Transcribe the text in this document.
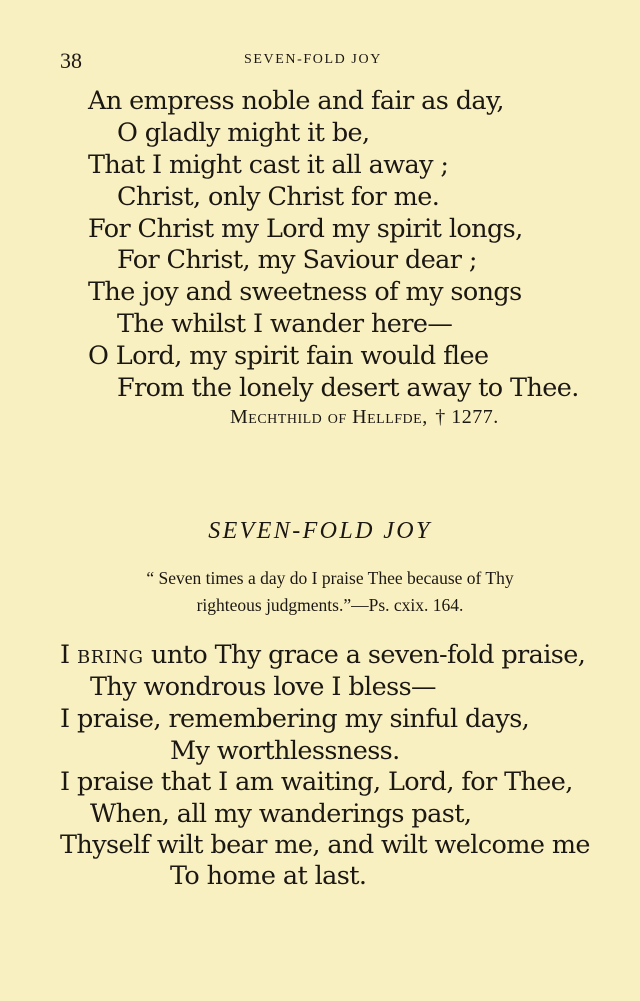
38	SEVEN-FOLD JOY
An empress noble and fair as day,
O gladly might it be,
That I might cast it all away ;
Christ, only Christ for me.
For Christ my Lord my spirit longs,
For Christ, my Saviour dear ;
The joy and sweetness of my songs
The whilst I wander here—
O Lord, my spirit fain would flee
From the lonely desert away to Thee.
Mechthild of Hellfde, † 1277.
SEVEN-FOLD JOY
“ Seven times a day do I praise Thee because of Thy
righteous judgments.”—Ps. cxix. 164.
I bring unto Thy grace a seven-fold praise,
Thy wondrous love I bless—
I praise, remembering my sinful days,
My worthlessness.
I praise that I am waiting, Lord, for Thee,
When, all my wanderings past,
Thyself wilt bear me, and wilt welcome me
To home at last.
